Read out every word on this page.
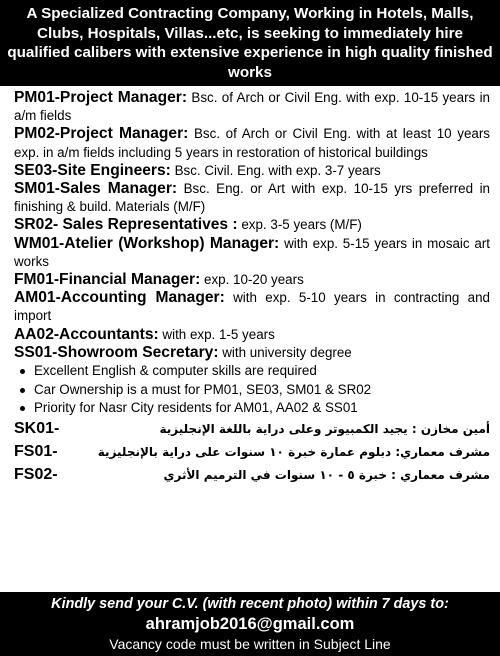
A Specialized Contracting Company, Working in Hotels, Malls, Clubs, Hospitals, Villas...etc, is seeking to immediately hire qualified calibers with extensive experience in high quality finished works

PM01-Project Manager: Bsc. of Arch or Civil Eng. with exp. 10-15 years in a/m fields

PM02-Project Manager: Bsc. of Arch or Civil Eng. with at least 10 years exp. in a/m fields including 5 years in restoration of historical buildings

SE03-Site Engineers: Bsc. Civil. Eng. with exp. 3-7 years

SM01-Sales Manager: Bsc. Eng. or Art with exp. 10-15 yrs preferred in finishing & build. Materials (M/F)

SR02- Sales Representatives : exp. 3-5 years (M/F)

WM01-Atelier (Workshop) Manager: with exp. 5-15 years in mosaic art works

FM01-Financial Manager: exp. 10-20 years

AM01-Accounting Manager: with exp. 5-10 years in contracting and import

AA02-Accountants: with exp. 1-5 years

SS01-Showroom Secretary: with university degree

Excellent English & computer skills are required
Car Ownership is a must for PM01, SE03, SM01 & SR02
Priority for Nasr City residents for AM01, AA02 & SS01
SK01-	أمين مخازن : يجيد الكمبيوتر وعلى دراية باللغة الإنجليزية
FS01-	مشرف معماري: دبلوم عمارة خبرة ١٠ سنوات على دراية بالإنجليزية
FS02-	مشرف معماري : خبرة ٥ - ١٠ سنوات في الترميم الأثري
Kindly send your C.V. (with recent photo) within 7 days to:
ahramjob2016@gmail.com
Vacancy code must be written in Subject Line
